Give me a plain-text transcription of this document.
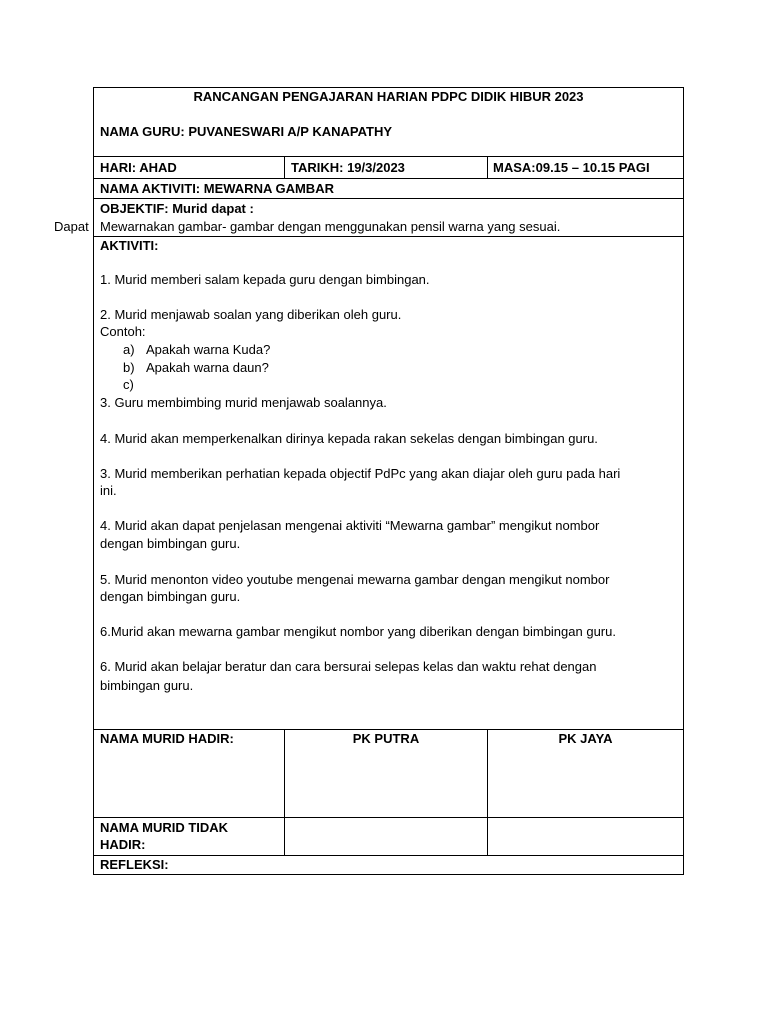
RANCANGAN PENGAJARAN HARIAN PDPC DIDIK HIBUR 2023
NAMA GURU: PUVANESWARI A/P KANAPATHY
HARI: AHAD	TARIKH: 19/3/2023	MASA:09.15 – 10.15 PAGI
NAMA AKTIVITI: MEWARNA GAMBAR
OBJEKTIF: Murid dapat :
Dapat Mewarnakan gambar- gambar dengan menggunakan pensil warna yang sesuai.
AKTIVITI:
1. Murid memberi salam kepada guru dengan bimbingan.
2. Murid menjawab soalan yang diberikan oleh guru.
Contoh:
a) Apakah warna Kuda?
b) Apakah warna daun?
c)
3. Guru membimbing murid menjawab soalannya.
4. Murid akan memperkenalkan dirinya kepada rakan sekelas dengan bimbingan guru.
3. Murid memberikan perhatian kepada objectif PdPc yang akan diajar oleh guru pada hari
ini.
4. Murid akan dapat penjelasan mengenai aktiviti “Mewarna gambar” mengikut nombor
dengan bimbingan guru.
5. Murid menonton video youtube mengenai mewarna gambar dengan mengikut nombor
dengan bimbingan guru.
6.Murid akan mewarna gambar mengikut nombor yang diberikan dengan bimbingan guru.
6. Murid akan belajar beratur dan cara bersurai selepas kelas dan waktu rehat dengan
bimbingan guru.
NAMA MURID HADIR:	PK PUTRA	PK JAYA
NAMA MURID TIDAK
HADIR:
REFLEKSI:
